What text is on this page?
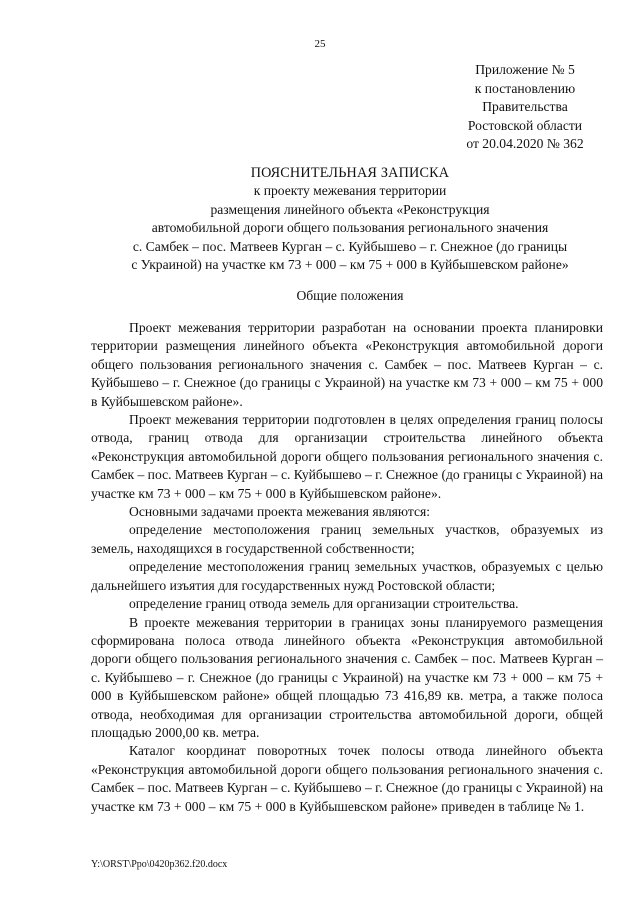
25
Приложение № 5
к постановлению
Правительства
Ростовской области
от 20.04.2020 № 362
ПОЯСНИТЕЛЬНАЯ ЗАПИСКА
к проекту межевания территории
размещения линейного объекта «Реконструкция
автомобильной дороги общего пользования регионального значения
с. Самбек – пос. Матвеев Курган – с. Куйбышево – г. Снежное (до границы
с Украиной) на участке км 73 + 000 – км 75 + 000 в Куйбышевском районе»
Общие положения

Проект межевания территории разработан на основании проекта планировки территории размещения линейного объекта «Реконструкция автомобильной дороги общего пользования регионального значения с. Самбек – пос. Матвеев Курган – с. Куйбышево – г. Снежное (до границы с Украиной) на участке км 73 + 000 – км 75 + 000 в Куйбышевском районе».

Проект межевания территории подготовлен в целях определения границ полосы отвода, границ отвода для организации строительства линейного объекта «Реконструкция автомобильной дороги общего пользования регионального значения с. Самбек – пос. Матвеев Курган – с. Куйбышево – г. Снежное (до границы с Украиной) на участке км 73 + 000 – км 75 + 000 в Куйбышевском районе».

Основными задачами проекта межевания являются:

определение местоположения границ земельных участков, образуемых из земель, находящихся в государственной собственности;

определение местоположения границ земельных участков, образуемых с целью дальнейшего изъятия для государственных нужд Ростовской области;

определение границ отвода земель для организации строительства.

В проекте межевания территории в границах зоны планируемого размещения сформирована полоса отвода линейного объекта «Реконструкция автомобильной дороги общего пользования регионального значения с. Самбек – пос. Матвеев Курган – с. Куйбышево – г. Снежное (до границы с Украиной) на участке км 73 + 000 – км 75 + 000 в Куйбышевском районе» общей площадью 73 416,89 кв. метра, а также полоса отвода, необходимая для организации строительства автомобильной дороги, общей площадью 2000,00 кв. метра.

Каталог координат поворотных точек полосы отвода линейного объекта «Реконструкция автомобильной дороги общего пользования регионального значения с. Самбек – пос. Матвеев Курган – с. Куйбышево – г. Снежное (до границы с Украиной) на участке км 73 + 000 – км 75 + 000 в Куйбышевском районе» приведен в таблице № 1.

Y:\ORST\Ppo\0420p362.f20.docx
